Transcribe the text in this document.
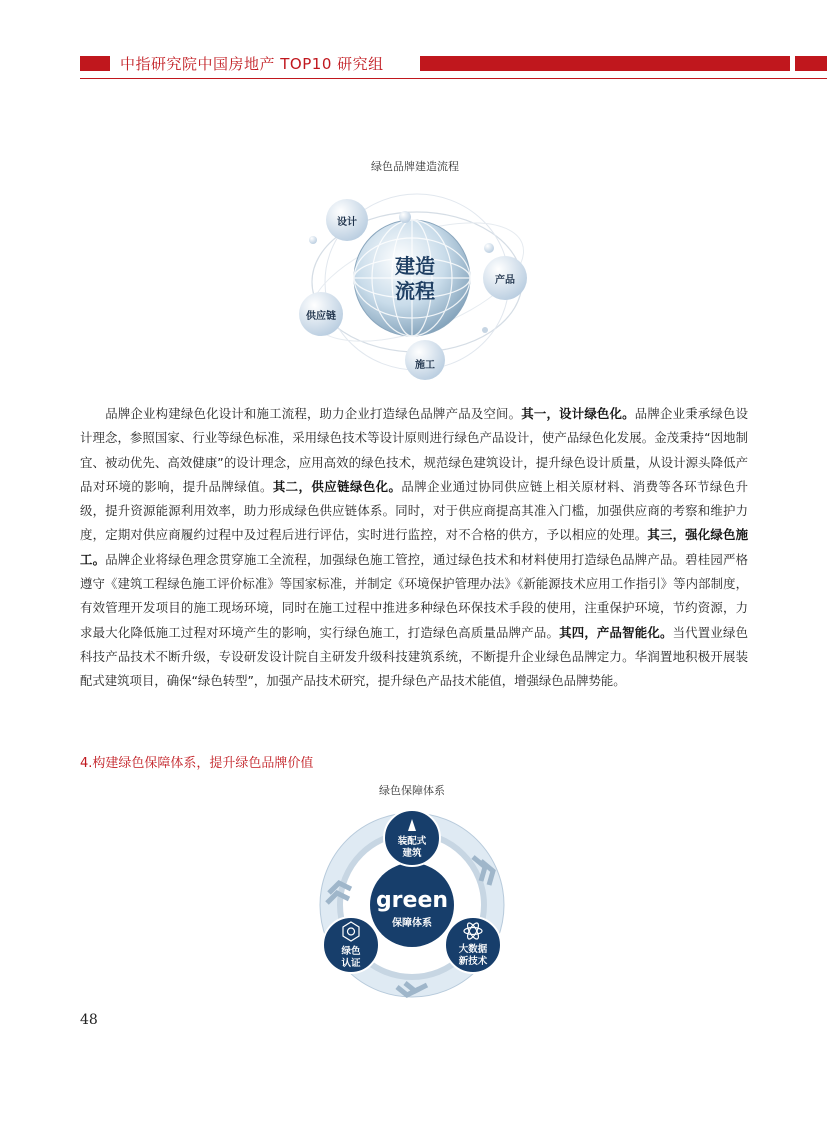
中指研究院中国房地产 TOP10 研究组
绿色品牌建造流程
建造
流程
设计
产品
供应链
施工
品牌企业构建绿色化设计和施工流程，助力企业打造绿色品牌产品及空间。其一，设计绿色化。品牌企业秉承绿色设计理念，参照国家、行业等绿色标准，采用绿色技术等设计原则进行绿色产品设计，使产品绿色化发展。金茂秉持“因地制宜、被动优先、高效健康”的设计理念，应用高效的绿色技术，规范绿色建筑设计，提升绿色设计质量，从设计源头降低产品对环境的影响，提升品牌绿值。其二，供应链绿色化。品牌企业通过协同供应链上相关原材料、消费等各环节绿色升级，提升资源能源利用效率，助力形成绿色供应链体系。同时，对于供应商提高其准入门槛，加强供应商的考察和维护力度，定期对供应商履约过程中及过程后进行评估，实时进行监控，对不合格的供方，予以相应的处理。其三，强化绿色施工。品牌企业将绿色理念贯穿施工全流程，加强绿色施工管控，通过绿色技术和材料使用打造绿色品牌产品。碧桂园严格遵守《建筑工程绿色施工评价标准》等国家标准，并制定《环境保护管理办法》《新能源技术应用工作指引》等内部制度，有效管理开发项目的施工现场环境，同时在施工过程中推进多种绿色环保技术手段的使用，注重保护环境，节约资源，力求最大化降低施工过程对环境产生的影响，实行绿色施工，打造绿色高质量品牌产品。其四，产品智能化。当代置业绿色科技产品技术不断升级，专设研发设计院自主研发升级科技建筑系统，不断提升企业绿色品牌定力。华润置地积极开展装配式建筑项目，确保“绿色转型”，加强产品技术研究，提升绿色产品技术能值，增强绿色品牌势能。
4.构建绿色保障体系，提升绿色品牌价值
绿色保障体系
green
保障体系
装配式
建筑
大数据
新技术
绿色
认证
48
